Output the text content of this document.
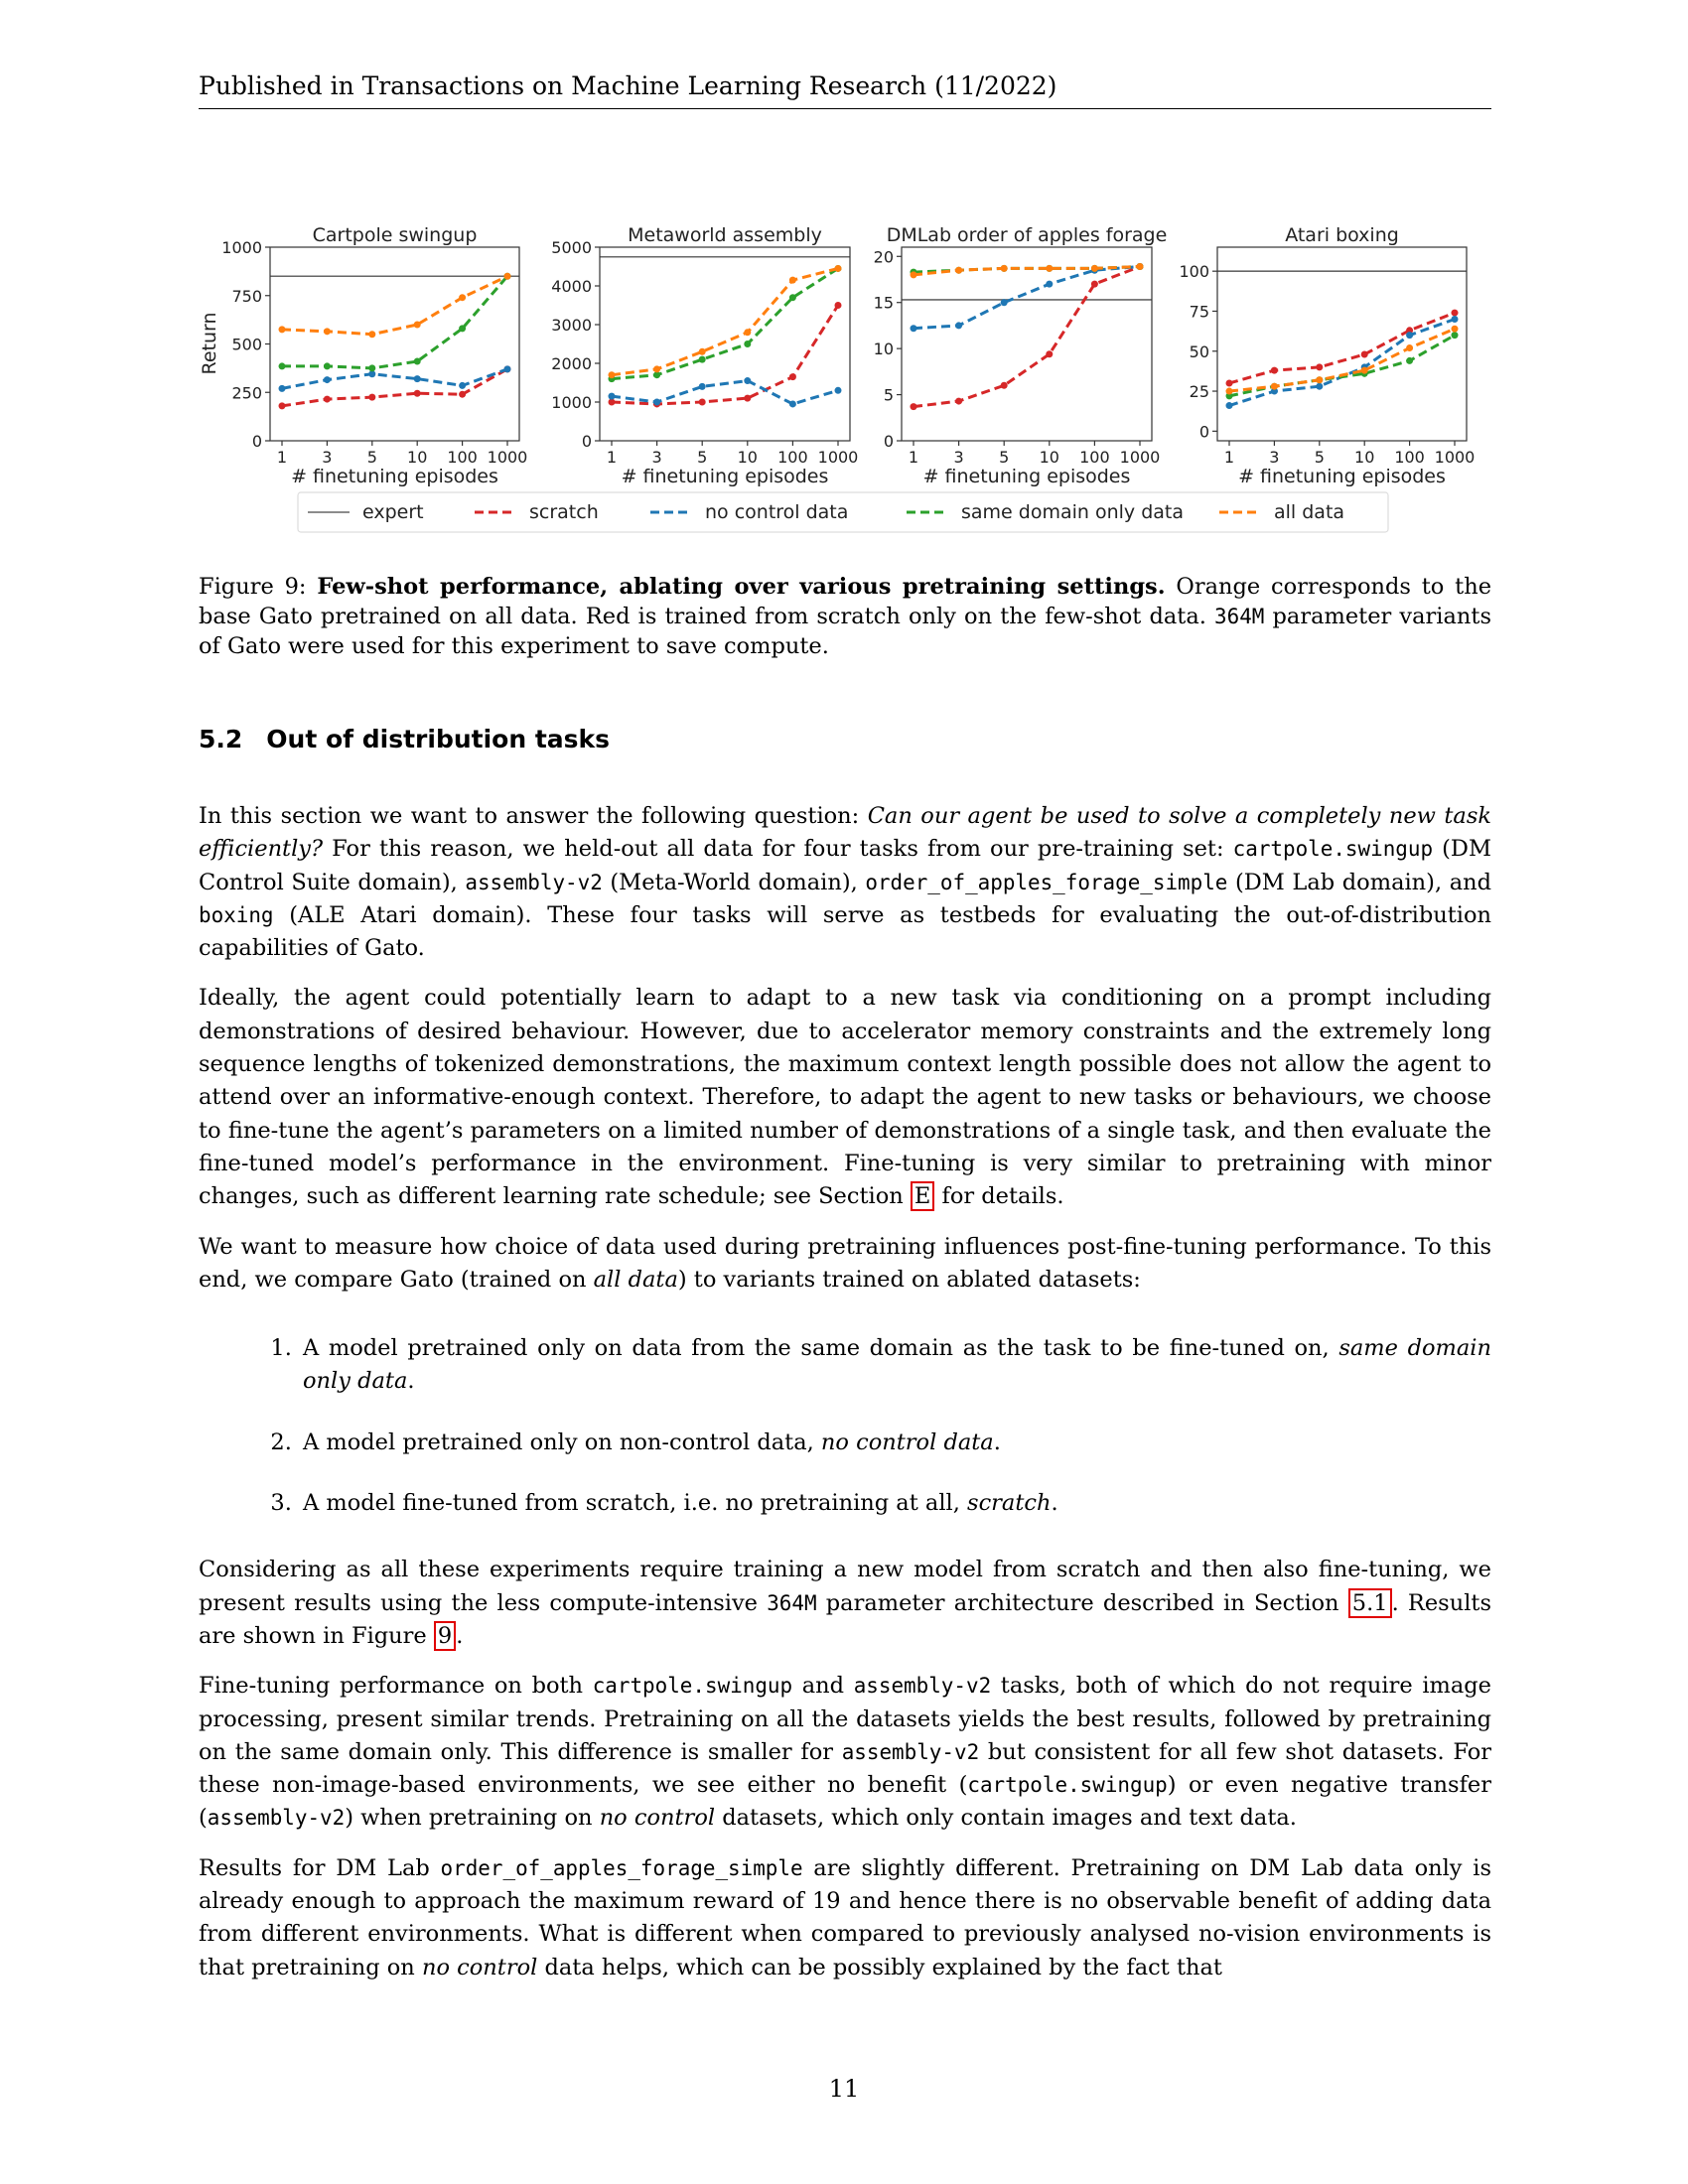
Published in Transactions on Machine Learning Research (11/2022)
Cartpole swingup
0
250
500
750
1000
1 3 5 10 100 1000
# finetuning episodes
Metaworld assembly
0
1000
2000
3000
4000
5000
1 3 5 10 100 1000
# finetuning episodes
DMLab order of apples forage
0
5
10
15
20
1 3 5 10 100 1000
# finetuning episodes
Atari boxing
0
25
50
75
100
1 3 5 10 100 1000
# finetuning episodes
Return
expert	scratch	no control data	same domain only data	all data
Figure 9: Few-shot performance, ablating over various pretraining settings. Orange corresponds to the base Gato pretrained on all data. Red is trained from scratch only on the few-shot data. 364M parameter variants of Gato were used for this experiment to save compute.
5.2 Out of distribution tasks

In this section we want to answer the following question: Can our agent be used to solve a completely new task efficiently? For this reason, we held-out all data for four tasks from our pre-training set: cartpole.swingup (DM Control Suite domain), assembly-v2 (Meta-World domain), order_of_apples_forage_simple (DM Lab domain), and boxing (ALE Atari domain). These four tasks will serve as testbeds for evaluating the out-of-distribution capabilities of Gato.

Ideally, the agent could potentially learn to adapt to a new task via conditioning on a prompt including demonstrations of desired behaviour. However, due to accelerator memory constraints and the extremely long sequence lengths of tokenized demonstrations, the maximum context length possible does not allow the agent to attend over an informative-enough context. Therefore, to adapt the agent to new tasks or behaviours, we choose to fine-tune the agent’s parameters on a limited number of demonstrations of a single task, and then evaluate the fine-tuned model’s performance in the environment. Fine-tuning is very similar to pretraining with minor changes, such as different learning rate schedule; see Section E for details.

We want to measure how choice of data used during pretraining influences post-fine-tuning performance. To this end, we compare Gato (trained on all data) to variants trained on ablated datasets:

1. A model pretrained only on data from the same domain as the task to be fine-tuned on, same domain only data.
2. A model pretrained only on non-control data, no control data.
3. A model fine-tuned from scratch, i.e. no pretraining at all, scratch.

Considering as all these experiments require training a new model from scratch and then also fine-tuning, we present results using the less compute-intensive 364M parameter architecture described in Section 5.1 . Results are shown in Figure 9 .

Fine-tuning performance on both cartpole.swingup and assembly-v2 tasks, both of which do not require image processing, present similar trends. Pretraining on all the datasets yields the best results, followed by pretraining on the same domain only. This difference is smaller for assembly-v2 but consistent for all few shot datasets. For these non-image-based environments, we see either no benefit (cartpole.swingup) or even negative transfer (assembly-v2) when pretraining on no control datasets, which only contain images and text data.

Results for DM Lab order_of_apples_forage_simple are slightly different. Pretraining on DM Lab data only is already enough to approach the maximum reward of 19 and hence there is no observable benefit of adding data from different environments. What is different when compared to previously analysed no-vision environments is that pretraining on no control data helps, which can be possibly explained by the fact that

11
